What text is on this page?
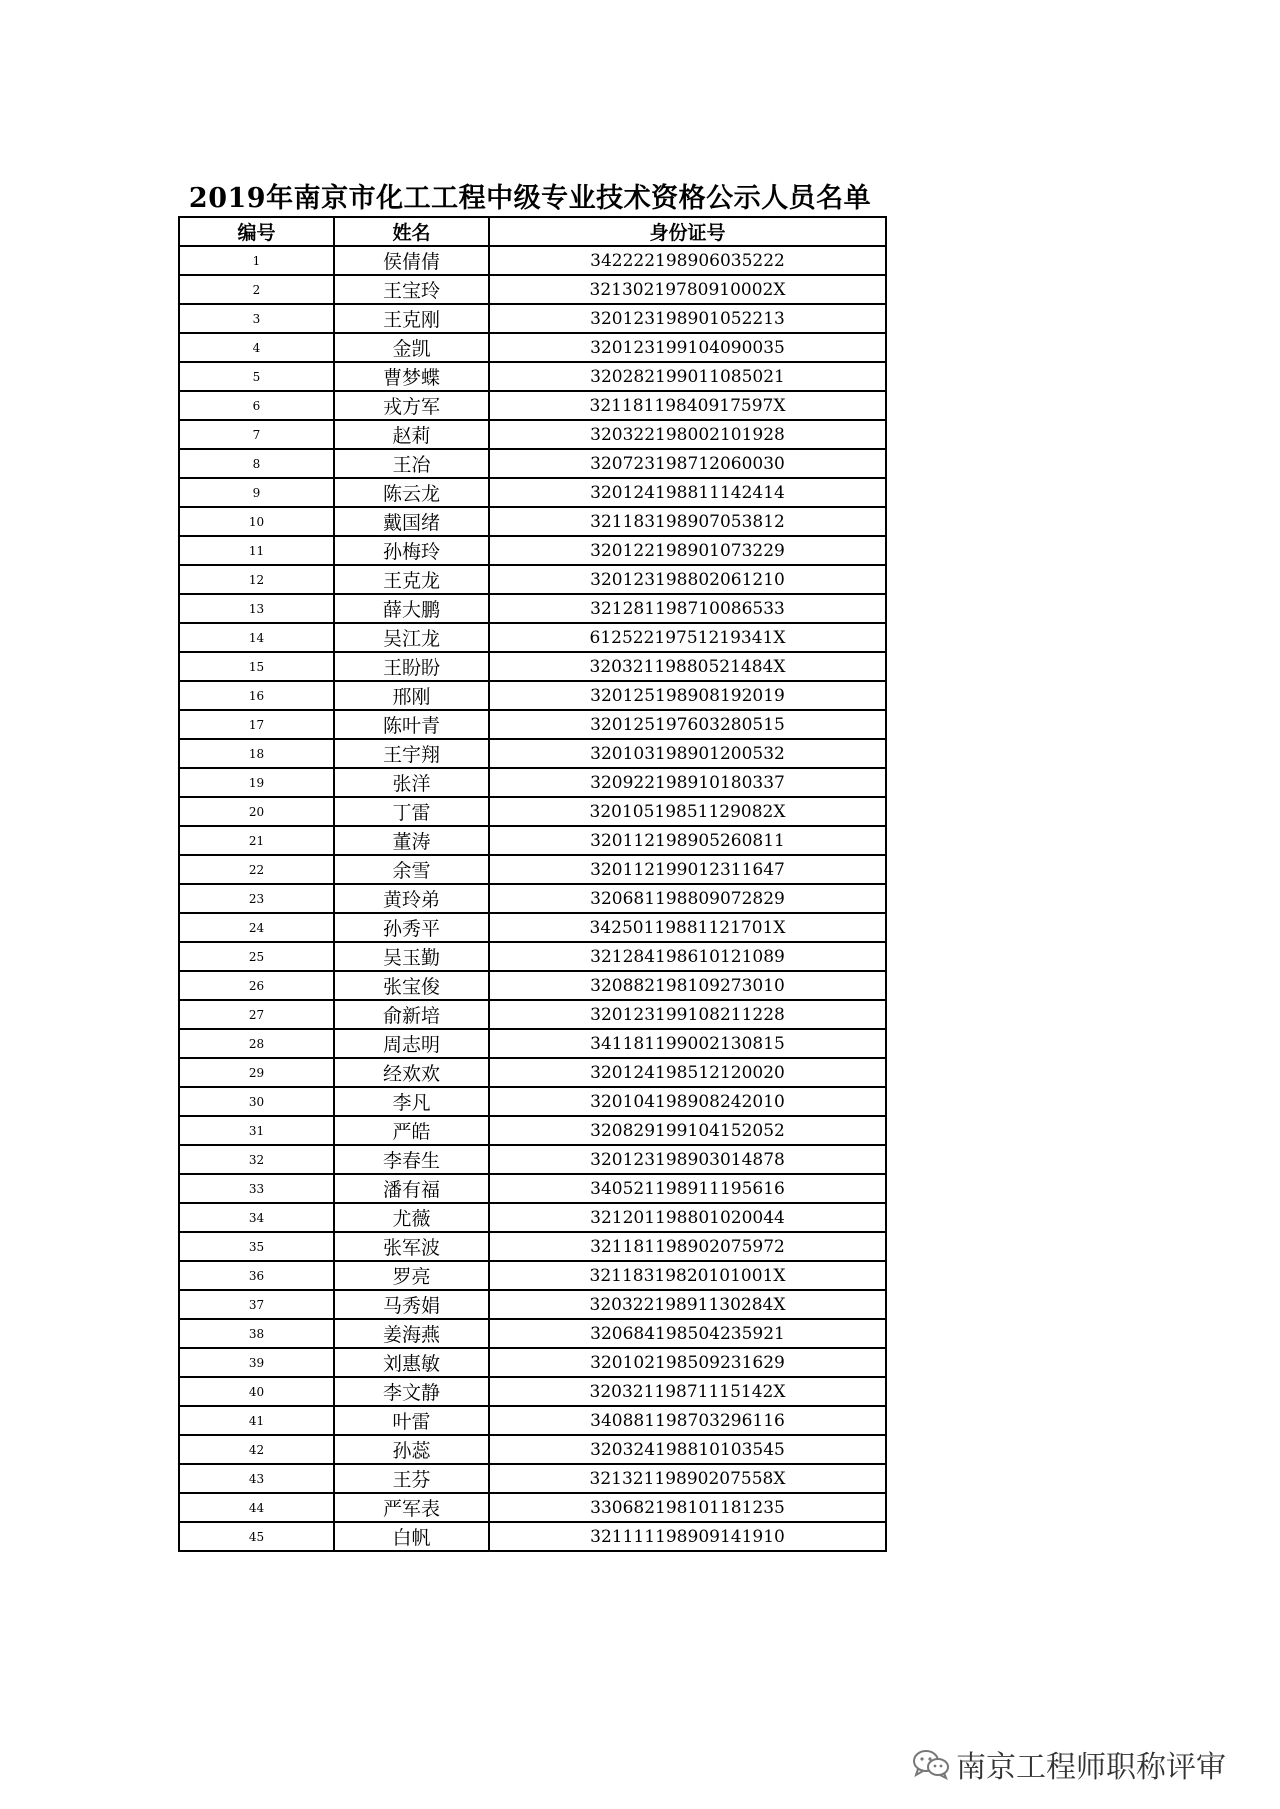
2019年南京市化工工程中级专业技术资格公示人员名单
编号	姓名	身份证号
1	侯倩倩	342222198906035222
2	王宝玲	32130219780910002X
3	王克刚	320123198901052213
4	金凯	320123199104090035
5	曹梦蝶	320282199011085021
6	戎方军	32118119840917597X
7	赵莉	320322198002101928
8	王冶	320723198712060030
9	陈云龙	320124198811142414
10	戴国绪	321183198907053812
11	孙梅玲	320122198901073229
12	王克龙	320123198802061210
13	薛大鹏	321281198710086533
14	吴江龙	61252219751219341X
15	王盼盼	32032119880521484X
16	邢刚	320125198908192019
17	陈叶青	320125197603280515
18	王宇翔	320103198901200532
19	张洋	320922198910180337
20	丁雷	32010519851129082X
21	董涛	320112198905260811
22	余雪	320112199012311647
23	黄玲弟	320681198809072829
24	孙秀平	34250119881121701X
25	吴玉勤	321284198610121089
26	张宝俊	320882198109273010
27	俞新培	320123199108211228
28	周志明	341181199002130815
29	经欢欢	320124198512120020
30	李凡	320104198908242010
31	严皓	320829199104152052
32	李春生	320123198903014878
33	潘有福	340521198911195616
34	尤薇	321201198801020044
35	张军波	321181198902075972
36	罗亮	32118319820101001X
37	马秀娟	32032219891130284X
38	姜海燕	320684198504235921
39	刘惠敏	320102198509231629
40	李文静	32032119871115142X
41	叶雷	340881198703296116
42	孙蕊	320324198810103545
43	王芬	32132119890207558X
44	严军表	330682198101181235
45	白帆	321111198909141910
南京工程师职称评审
